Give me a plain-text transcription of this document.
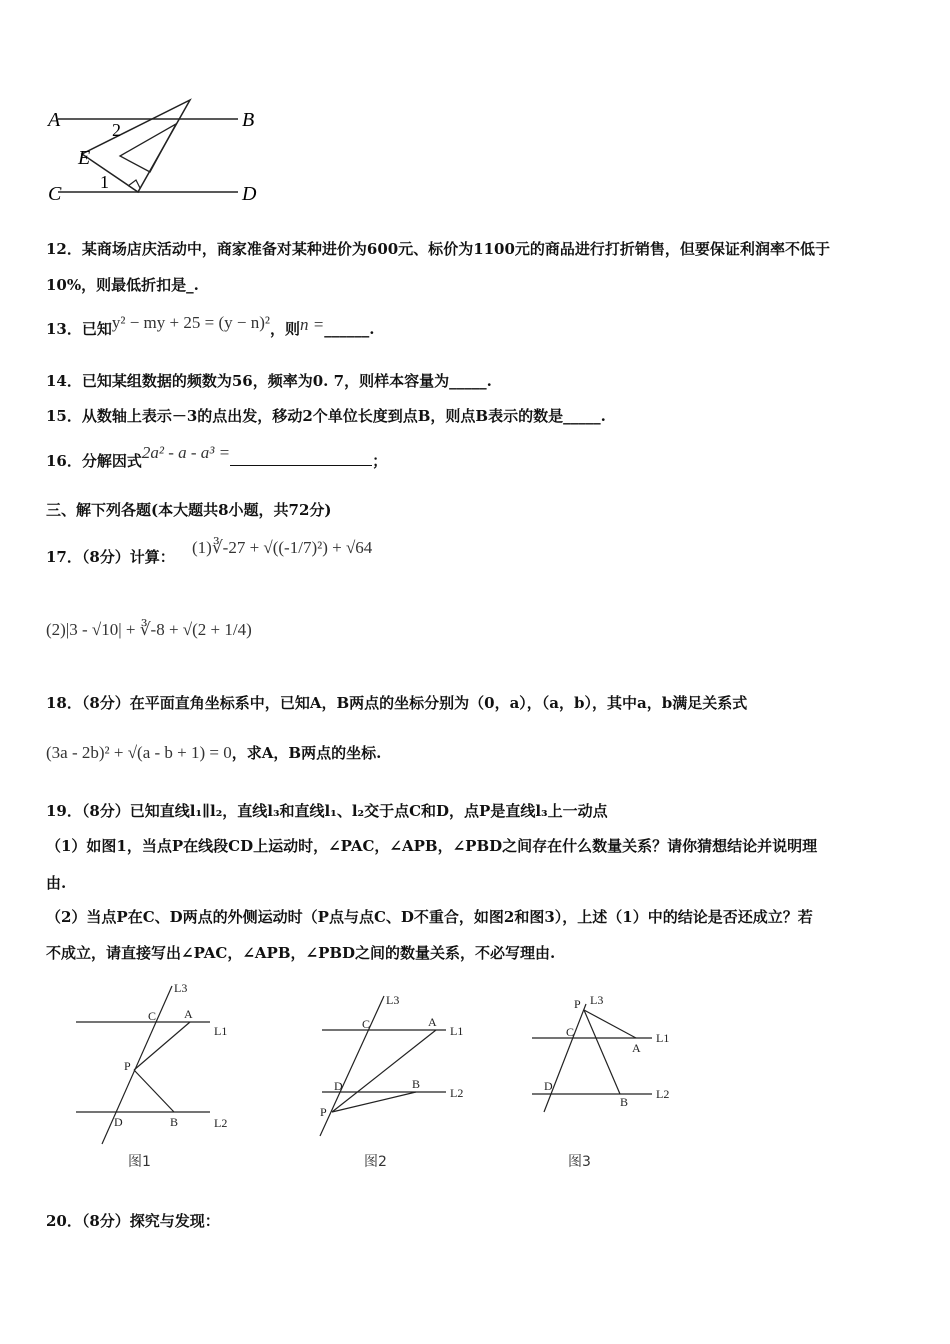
A	B
C	D
E
1
2
12．某商场店庆活动中，商家准备对某种进价为600元、标价为1100元的商品进行打折销售，但要保证利润率不低于
10%，则最低折扣是_.
13．已知y² − my + 25 = (y − n)²，则n =______.
14．已知某组数据的频数为56，频率为0. 7，则样本容量为_____.
15．从数轴上表示－3的点出发，移动2个单位长度到点B，则点B表示的数是_____.
16．分解因式2a² - a - a³ =	；
三、解下列各题(本大题共8小题，共72分)
17．（8分）计算： (1)∛-27 + √((-1/7)²) + √64
(2)|3 - √10| + ∛-8 + √(2 + 1/4)
18．（8分）在平面直角坐标系中，已知A，B两点的坐标分别为（0，a），（a，b），其中a，b满足关系式
(3a - 2b)² + √(a - b + 1) = 0，求A，B两点的坐标.
19．（8分）已知直线l₁∥l₂，直线l₃和直线l₁、l₂交于点C和D，点P是直线l₃上一动点
（1）如图1，当点P在线段CD上运动时，∠PAC，∠APB，∠PBD之间存在什么数量关系？请你猜想结论并说明理
由.
（2）当点P在C、D两点的外侧运动时（P点与点C、D不重合，如图2和图3），上述（1）中的结论是否还成立？若
不成立，请直接写出∠PAC，∠APB，∠PBD之间的数量关系，不必写理由.
L3
L1
L2
C A
P
D	B
图1
L3
L1
L2
C	A
D	B
P
图2
P L3
C
A
L1
D
B
L2
图3
20．（8分）探究与发现：
